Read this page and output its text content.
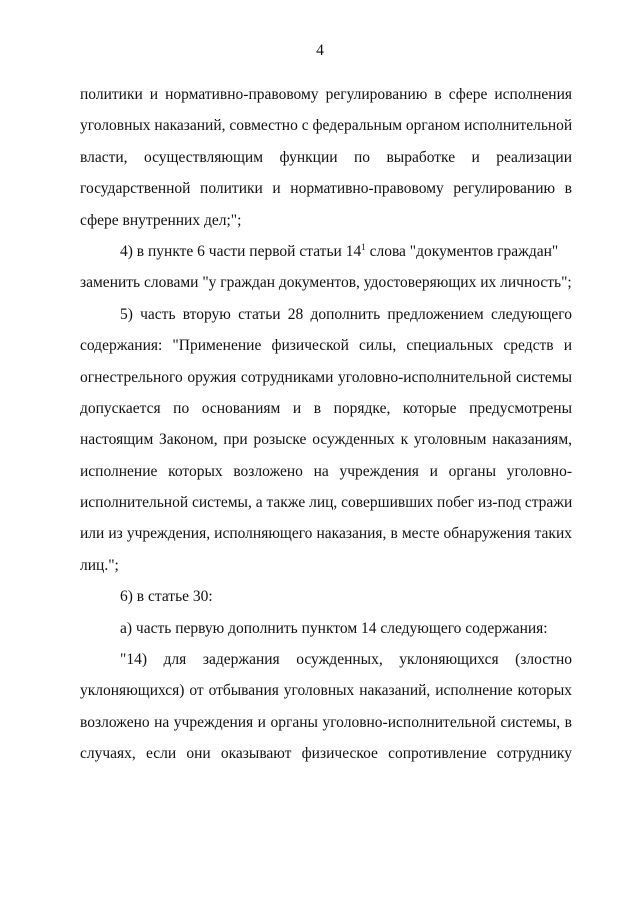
4
политики и нормативно-правовому регулированию в сфере исполнения
уголовных наказаний, совместно с федеральным органом исполнительной
власти, осуществляющим функции по выработке и реализации
государственной политики и нормативно-правовому регулированию в
сфере внутренних дел;";
4) в пункте 6 части первой статьи $14^1$ слова "документов граждан"
заменить словами "у граждан документов, удостоверяющих их личность";
5) часть вторую статьи 28 дополнить предложением следующего
содержания: "Применение физической силы, специальных средств и
огнестрельного оружия сотрудниками уголовно-исполнительной системы
допускается по основаниям и в порядке, которые предусмотрены
настоящим Законом, при розыске осужденных к уголовным наказаниям,
исполнение которых возложено на учреждения и органы уголовно-
исполнительной системы, а также лиц, совершивших побег из-под стражи
или из учреждения, исполняющего наказания, в месте обнаружения таких
лиц.";
6) в статье 30:
а) часть первую дополнить пунктом 14 следующего содержания:
"14) для задержания осужденных, уклоняющихся (злостно
уклоняющихся) от отбывания уголовных наказаний, исполнение которых
возложено на учреждения и органы уголовно-исполнительной системы, в
случаях, если они оказывают физическое сопротивление сотруднику
